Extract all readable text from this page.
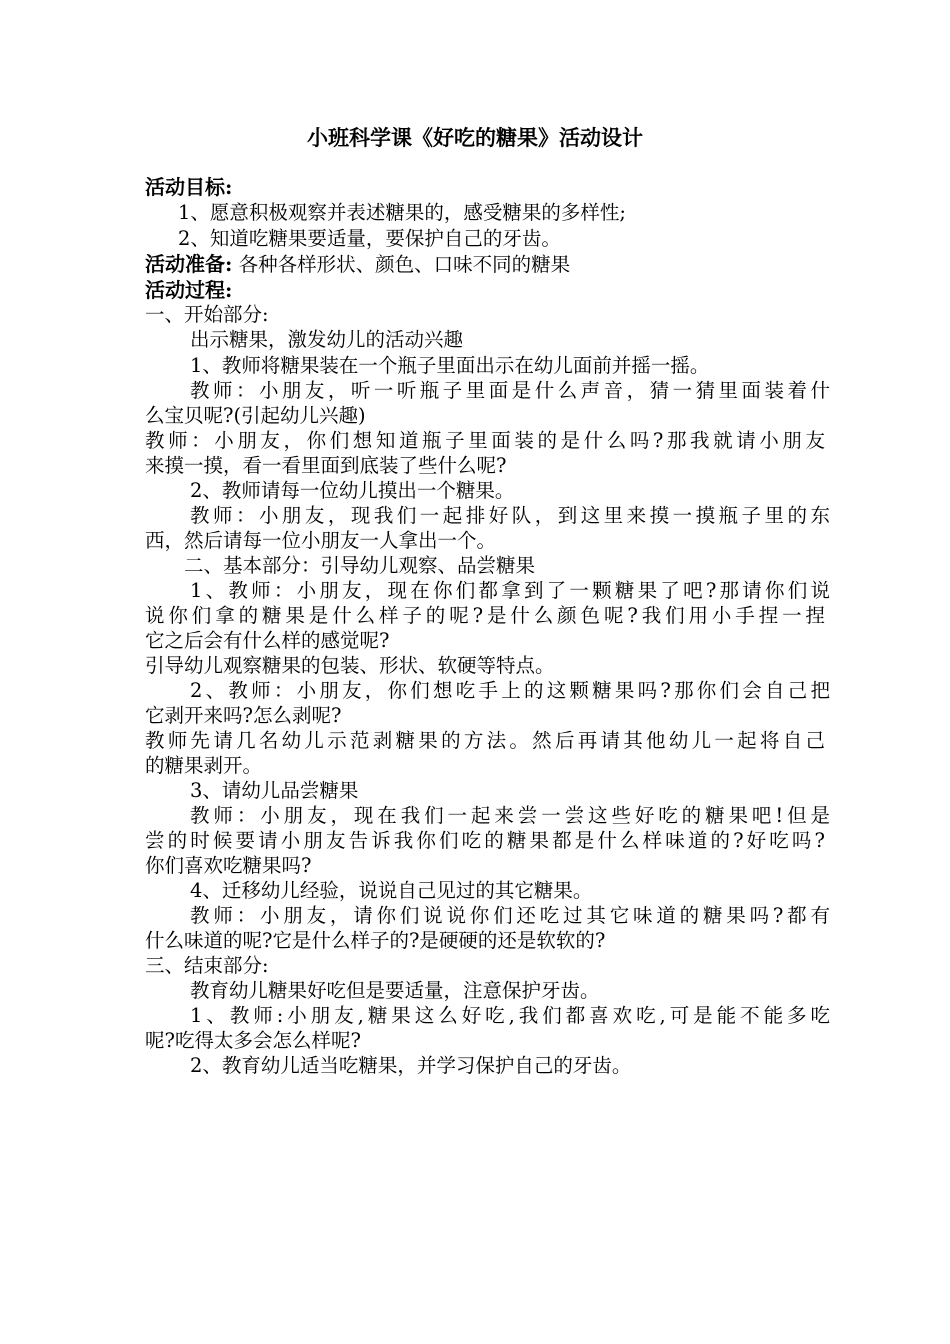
小班科学课《好吃的糖果》活动设计
活动目标:
1、愿意积极观察并表述糖果的，感受糖果的多样性;
2、知道吃糖果要适量，要保护自己的牙齿。
活动准备: 各种各样形状、颜色、口味不同的糖果
活动过程:
一、开始部分:
出示糖果，激发幼儿的活动兴趣
1、教师将糖果装在一个瓶子里面出示在幼儿面前并摇一摇。
教师：小朋友，听一听瓶子里面是什么声音，猜一猜里面装着什
么宝贝呢?(引起幼儿兴趣)
教师：小朋友，你们想知道瓶子里面装的是什么吗?那我就请小朋友
来摸一摸，看一看里面到底装了些什么呢?
2、教师请每一位幼儿摸出一个糖果。
教师：小朋友，现我们一起排好队，到这里来摸一摸瓶子里的东
西，然后请每一位小朋友一人拿出一个。
二、基本部分：引导幼儿观察、品尝糖果
1、教师：小朋友，现在你们都拿到了一颗糖果了吧?那请你们说
说你们拿的糖果是什么样子的呢?是什么颜色呢?我们用小手捏一捏
它之后会有什么样的感觉呢?
引导幼儿观察糖果的包装、形状、软硬等特点。
2、教师：小朋友，你们想吃手上的这颗糖果吗?那你们会自己把
它剥开来吗?怎么剥呢?
教师先请几名幼儿示范剥糖果的方法。然后再请其他幼儿一起将自己
的糖果剥开。
3、请幼儿品尝糖果
教师：小朋友，现在我们一起来尝一尝这些好吃的糖果吧!但是
尝的时候要请小朋友告诉我你们吃的糖果都是什么样味道的?好吃吗?
你们喜欢吃糖果吗?
4、迁移幼儿经验，说说自己见过的其它糖果。
教师：小朋友，请你们说说你们还吃过其它味道的糖果吗?都有
什么味道的呢?它是什么样子的?是硬硬的还是软软的?
三、结束部分:
教育幼儿糖果好吃但是要适量，注意保护牙齿。
1、教师:小朋友,糖果这么好吃,我们都喜欢吃,可是能不能多吃
呢?吃得太多会怎么样呢?
2、教育幼儿适当吃糖果，并学习保护自己的牙齿。
